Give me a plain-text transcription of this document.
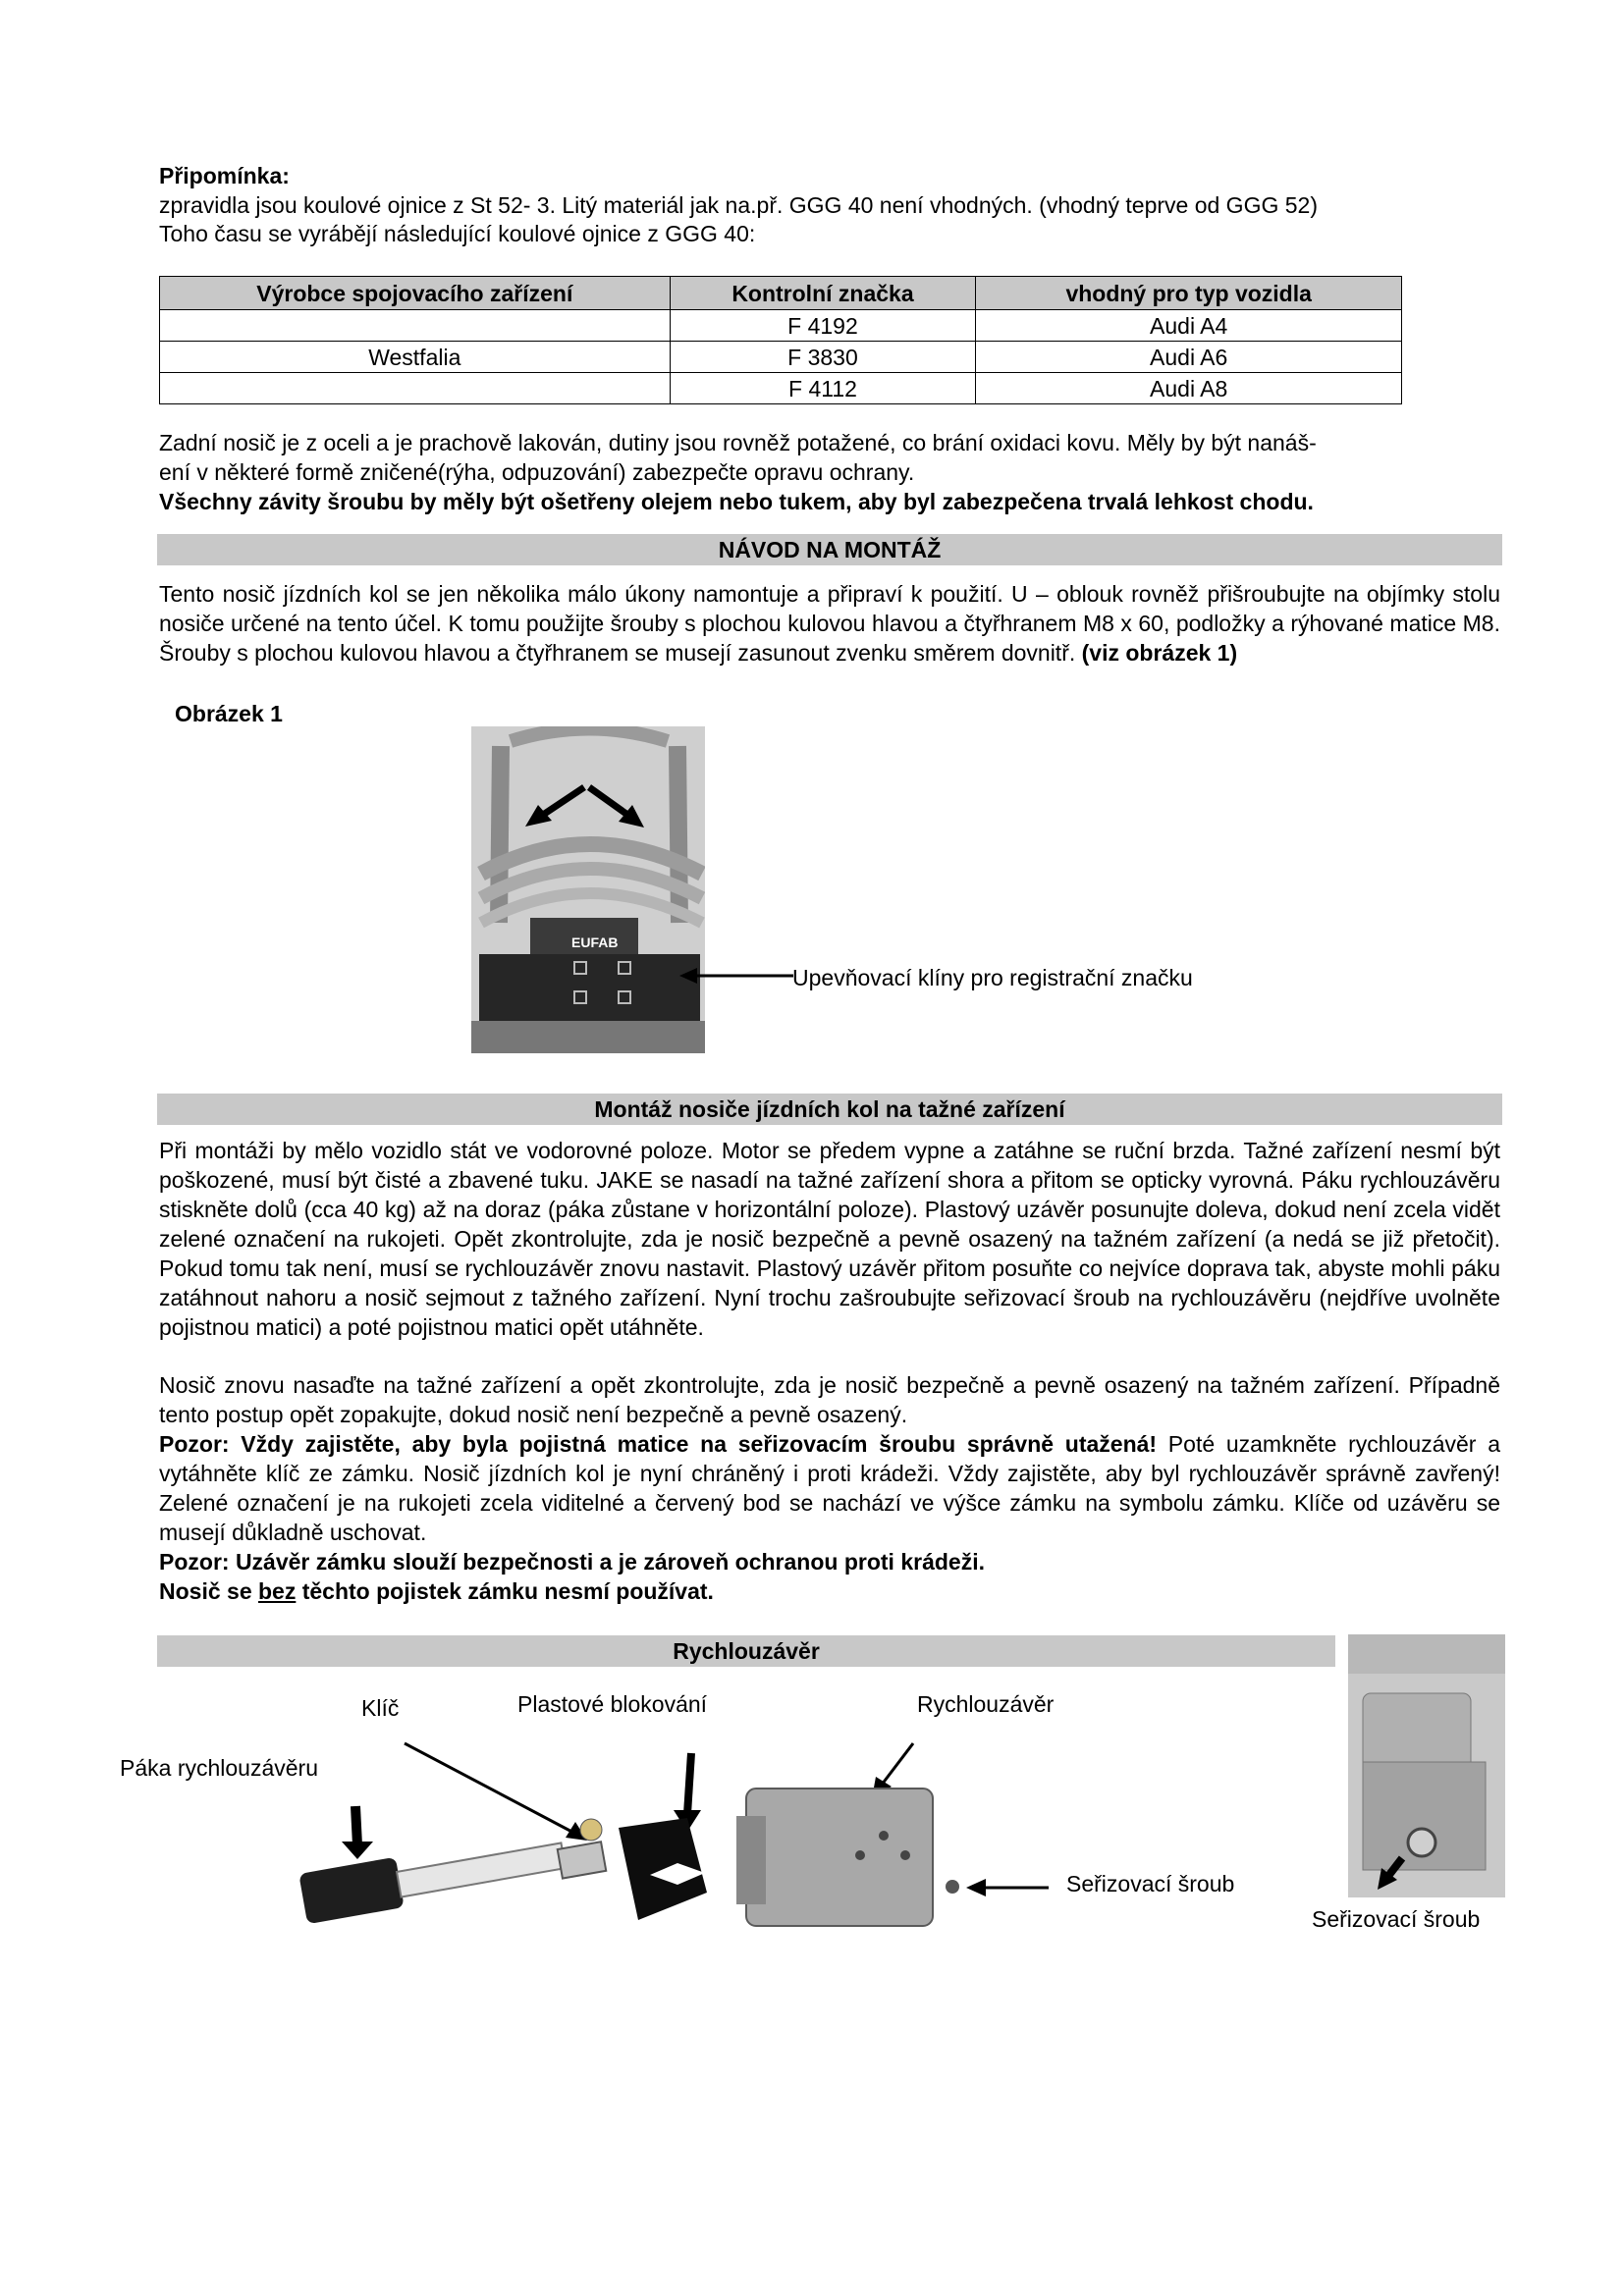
Připomínka:
zpravidla jsou koulové ojnice z St 52- 3. Litý materiál jak na.př. GGG 40 není vhodných. (vhodný teprve od GGG 52)
Toho času se vyrábějí následující koulové ojnice z GGG 40:
Výrobce spojovacího zařízení	Kontrolní značka	vhodný pro typ vozidla
	F 4192	Audi A4
Westfalia	F 3830	Audi A6
	F 4112	Audi A8
Zadní nosič je z oceli a je prachově lakován, dutiny jsou rovněž potažené, co brání oxidaci kovu. Měly by být nanáš-
ení v některé formě zničené(rýha, odpuzování) zabezpečte opravu ochrany.
Všechny závity šroubu by měly být ošetřeny olejem nebo tukem, aby byl zabezpečena trvalá lehkost chodu.
NÁVOD NA MONTÁŽ
Tento nosič jízdních kol se jen několika málo úkony namontuje a připraví k použití. U – oblouk rovněž přišroubujte na objímky stolu nosiče určené na tento účel. K tomu použijte šrouby s plochou kulovou hlavou a čtyřhranem M8 x 60, podložky a rýhované matice M8. Šrouby s plochou kulovou hlavou a čtyřhranem se musejí zasunout zvenku směrem dovnitř. (viz obrázek 1)
Obrázek 1
EUFAB
Upevňovací klíny pro registrační značku
Montáž nosiče jízdních kol na tažné zařízení
Při montáži by mělo vozidlo stát ve vodorovné poloze. Motor se předem vypne a zatáhne se ruční brzda. Tažné zařízení nesmí být poškozené, musí být čisté a zbavené tuku. JAKE se nasadí na tažné zařízení shora a přitom se opticky vyrovná. Páku rychlouzávěru stiskněte dolů (cca 40 kg) až na doraz (páka zůstane v horizontální poloze). Plastový uzávěr posunujte doleva, dokud není zcela vidět zelené označení na rukojeti. Opět zkontrolujte, zda je nosič bezpečně a pevně osazený na tažném zařízení (a nedá se již přetočit). Pokud tomu tak není, musí se rychlouzávěr znovu nastavit. Plastový uzávěr přitom posuňte co nejvíce doprava tak, abyste mohli páku zatáhnout nahoru a nosič sejmout z tažného zařízení. Nyní trochu zašroubujte seřizovací šroub na rychlouzávěru (nejdříve uvolněte pojistnou matici) a poté pojistnou matici opět utáhněte.
Nosič znovu nasaďte na tažné zařízení a opět zkontrolujte, zda je nosič bezpečně a pevně osazený na tažném zařízení. Případně tento postup opět zopakujte, dokud nosič není bezpečně a pevně osazený.
Pozor: Vždy zajistěte, aby byla pojistná matice na seřizovacím šroubu správně utažená! Poté uzamkněte rychlouzávěr a vytáhněte klíč ze zámku. Nosič jízdních kol je nyní chráněný i proti krádeži. Vždy zajistěte, aby byl rychlouzávěr správně zavřený! Zelené označení je na rukojeti zcela viditelné a červený bod se nachází ve výšce zámku na symbolu zámku. Klíče od uzávěru se musejí důkladně uschovat.
Pozor: Uzávěr zámku slouží bezpečnosti a je zároveň ochranou proti krádeži.
Nosič se bez těchto pojistek zámku nesmí používat.
Rychlouzávěr
Klíč	Plastové blokování	Rychlouzávěr
Páka rychlouzávěru
Seřizovací šroub
Seřizovací šroub
